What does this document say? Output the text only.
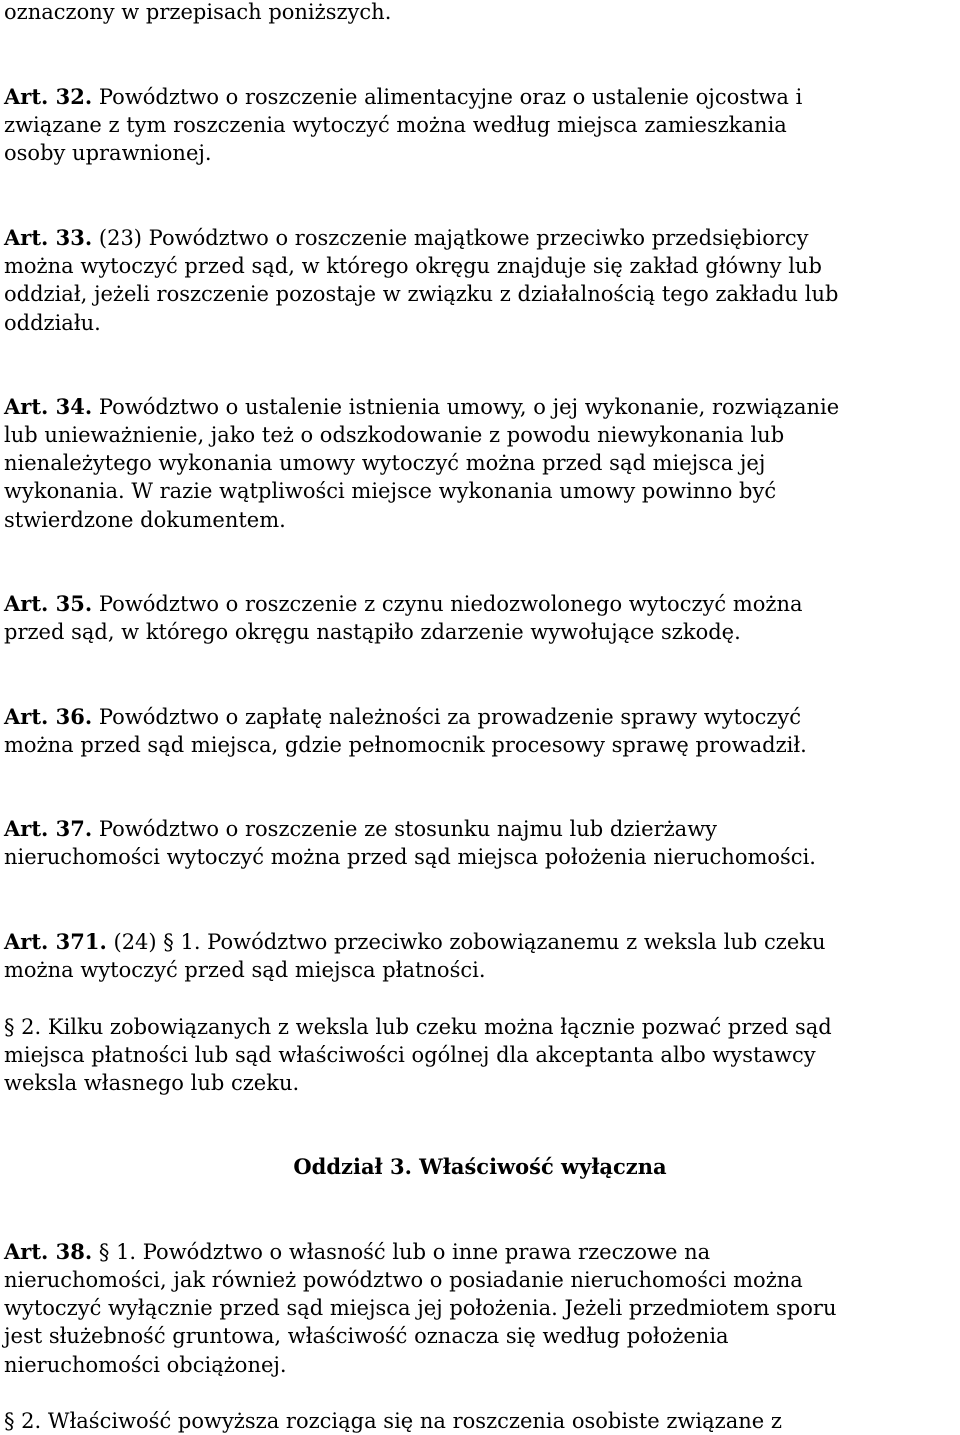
oznaczony w przepisach poniższych.
Art. 32. Powództwo o roszczenie alimentacyjne oraz o ustalenie ojcostwa i
związane z tym roszczenia wytoczyć można według miejsca zamieszkania
osoby uprawnionej.
Art. 33. (23) Powództwo o roszczenie majątkowe przeciwko przedsiębiorcy
można wytoczyć przed sąd, w którego okręgu znajduje się zakład główny lub
oddział, jeżeli roszczenie pozostaje w związku z działalnością tego zakładu lub
oddziału.
Art. 34. Powództwo o ustalenie istnienia umowy, o jej wykonanie, rozwiązanie
lub unieważnienie, jako też o odszkodowanie z powodu niewykonania lub
nienależytego wykonania umowy wytoczyć można przed sąd miejsca jej
wykonania. W razie wątpliwości miejsce wykonania umowy powinno być
stwierdzone dokumentem.
Art. 35. Powództwo o roszczenie z czynu niedozwolonego wytoczyć można
przed sąd, w którego okręgu nastąpiło zdarzenie wywołujące szkodę.
Art. 36. Powództwo o zapłatę należności za prowadzenie sprawy wytoczyć
można przed sąd miejsca, gdzie pełnomocnik procesowy sprawę prowadził.
Art. 37. Powództwo o roszczenie ze stosunku najmu lub dzierżawy
nieruchomości wytoczyć można przed sąd miejsca położenia nieruchomości.
Art. 371. (24) § 1. Powództwo przeciwko zobowiązanemu z weksla lub czeku
można wytoczyć przed sąd miejsca płatności.
§ 2. Kilku zobowiązanych z weksla lub czeku można łącznie pozwać przed sąd
miejsca płatności lub sąd właściwości ogólnej dla akceptanta albo wystawcy
weksla własnego lub czeku.
Oddział 3. Właściwość wyłączna
Art. 38. § 1. Powództwo o własność lub o inne prawa rzeczowe na
nieruchomości, jak również powództwo o posiadanie nieruchomości można
wytoczyć wyłącznie przed sąd miejsca jej położenia. Jeżeli przedmiotem sporu
jest służebność gruntowa, właściwość oznacza się według położenia
nieruchomości obciążonej.
§ 2. Właściwość powyższa rozciąga się na roszczenia osobiste związane z
